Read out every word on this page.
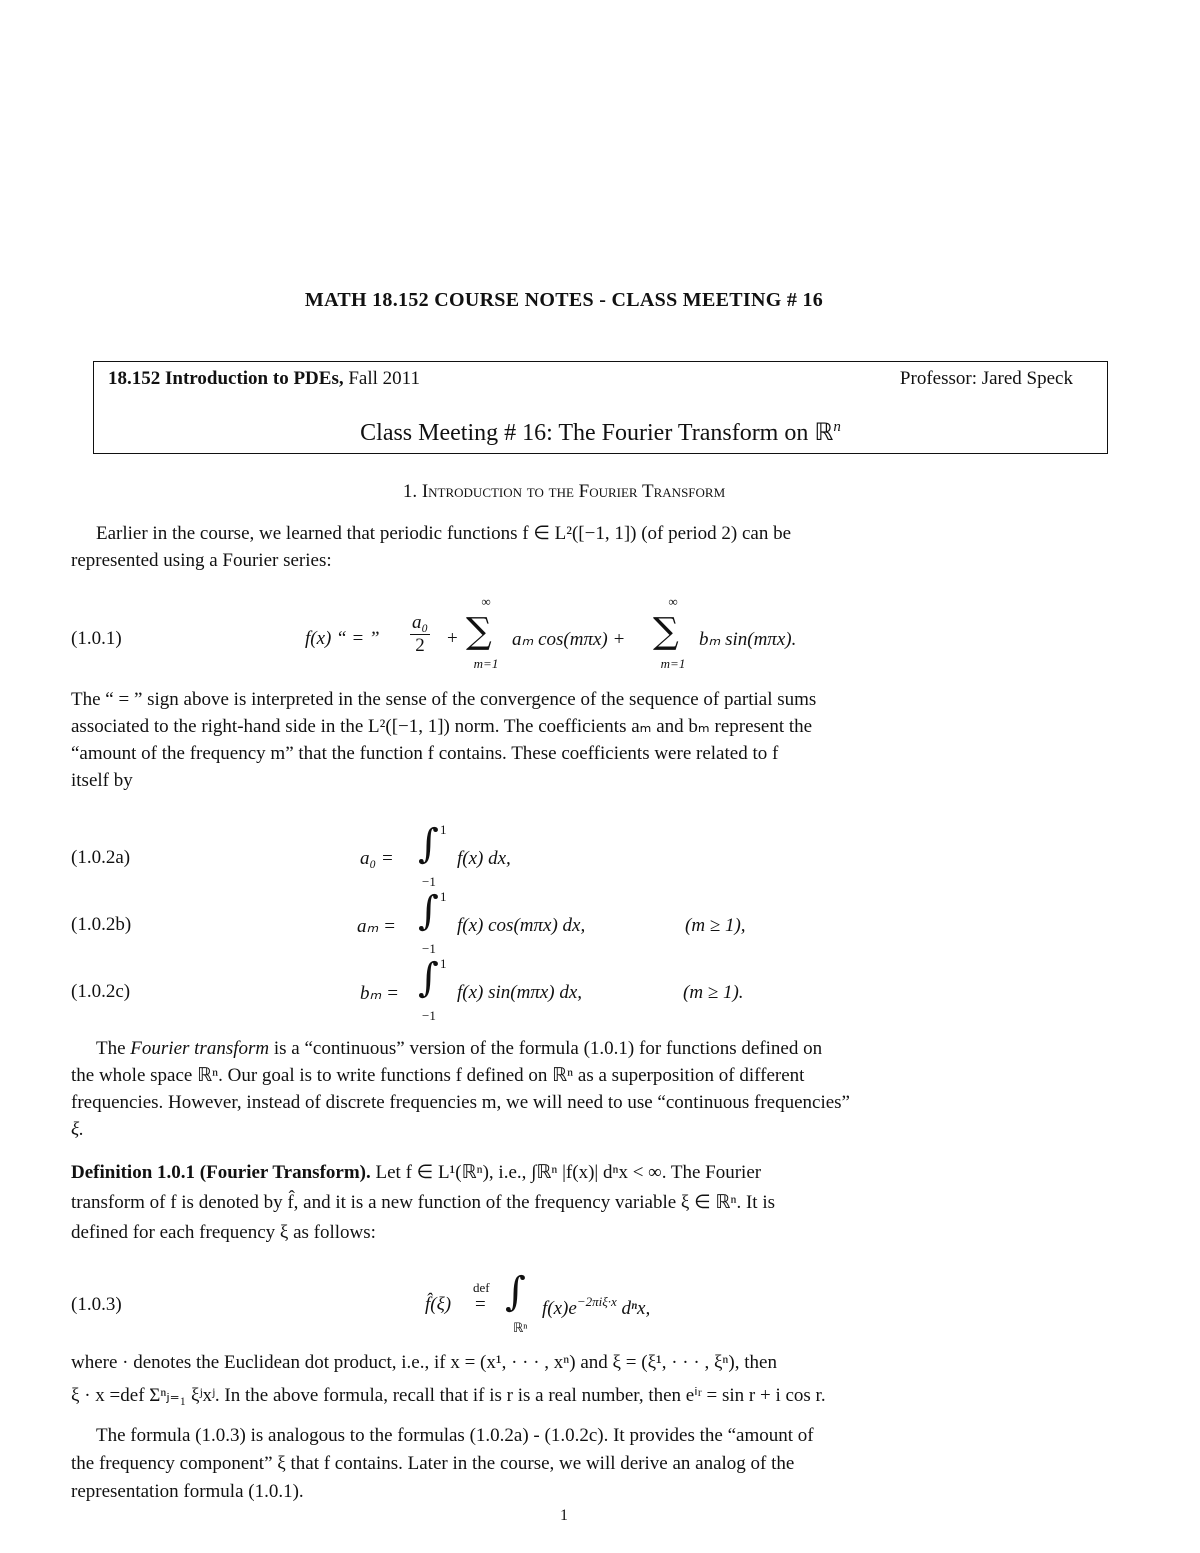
MATH 18.152 COURSE NOTES - CLASS MEETING # 16
18.152 Introduction to PDEs, Fall 2011	Professor: Jared Speck
Class Meeting # 16: The Fourier Transform on ℝ$^n$
1. Introduction to the Fourier Transform
Earlier in the course, we learned that periodic functions f ∈ L²([−1, 1]) (of period 2) can be
represented using a Fourier series:
(1.0.1)	f(x) “ = ” $\frac{\text{a₀}}{2}$ +
∞
∑
m=1
aₘ cos(mπx) +
∞
∑
m=1
bₘ sin(mπx).
The “ = ” sign above is interpreted in the sense of the convergence of the sequence of partial sums
associated to the right-hand side in the L²([−1, 1]) norm. The coefficients aₘ and bₘ represent the
“amount of the frequency m” that the function f contains. These coefficients were related to f
itself by
(1.0.2a)	a₀ = ∫ 1
−1
f(x) dx,
(1.0.2b)	aₘ = ∫ 1
−1
f(x) cos(mπx) dx,	(m ≥ 1),
(1.0.2c)	bₘ = ∫ 1
−1
f(x) sin(mπx) dx,	(m ≥ 1).
The Fourier transform is a “continuous” version of the formula (1.0.1) for functions defined on
the whole space ℝⁿ. Our goal is to write functions f defined on ℝⁿ as a superposition of different
frequencies. However, instead of discrete frequencies m, we will need to use “continuous frequencies”
ξ.
Definition 1.0.1 (Fourier Transform). Let f ∈ L¹(ℝⁿ), i.e., ∫ℝⁿ |f(x)| dⁿx < ∞. The Fourier
transform of f is denoted by f̂, and it is a new function of the frequency variable ξ ∈ ℝⁿ. It is
defined for each frequency ξ as follows:
(1.0.3)	f̂(ξ)
def
= ∫
ℝⁿ
$f(x)e^{-2\pi i\xi\cdot x}$ dⁿx,
where · denotes the Euclidean dot product, i.e., if x = (x¹, · · · , xⁿ) and ξ = (ξ¹, · · · , ξⁿ), then
ξ · x =def Σⁿⱼ₌₁ ξʲxʲ. In the above formula, recall that if is r is a real number, then eⁱʳ = sin r + i cos r.
The formula (1.0.3) is analogous to the formulas (1.0.2a) - (1.0.2c). It provides the “amount of
the frequency component” ξ that f contains. Later in the course, we will derive an analog of the
representation formula (1.0.1).
1
